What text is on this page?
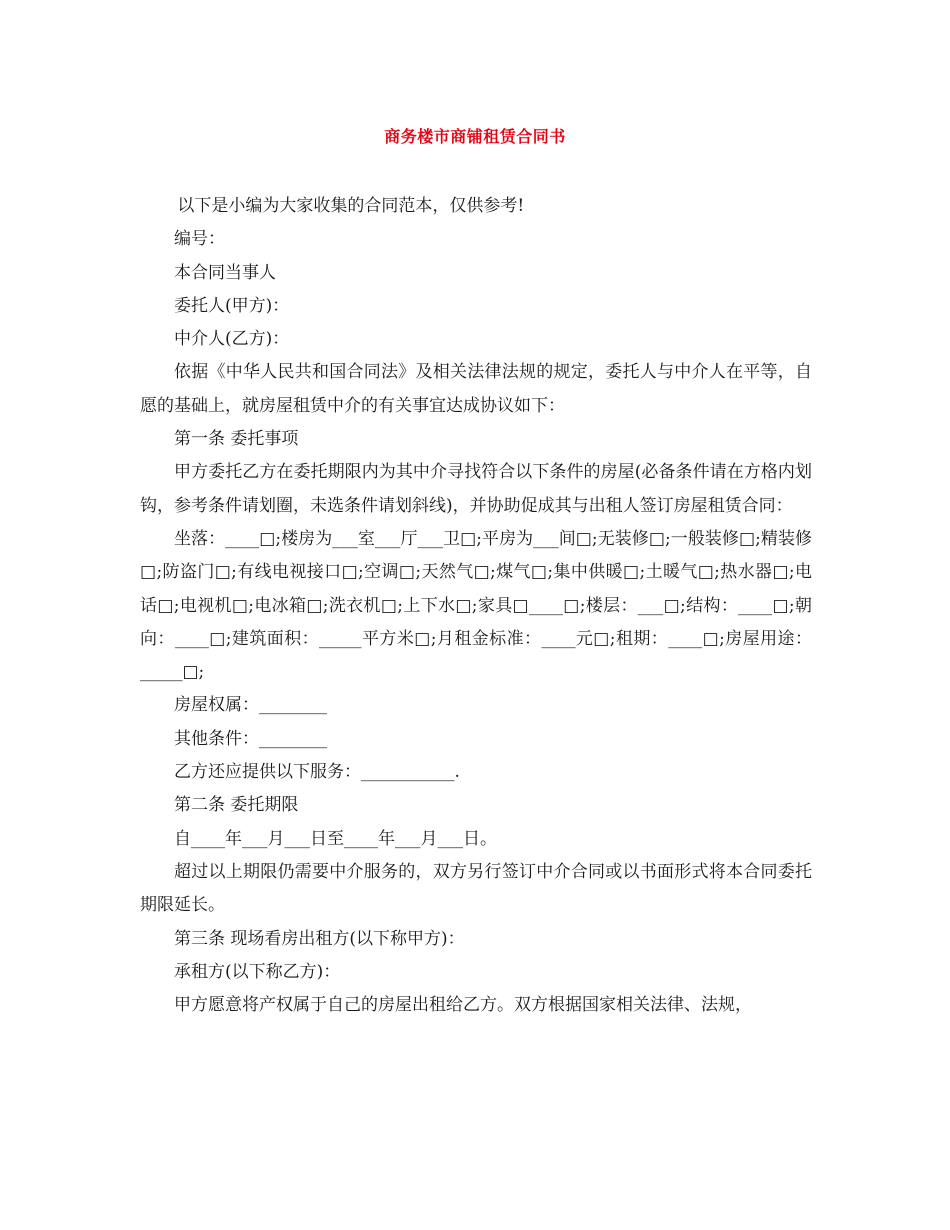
商务楼市商铺租赁合同书

以下是小编为大家收集的合同范本，仅供参考!

编号：

本合同当事人

委托人(甲方)：

中介人(乙方)：

依据《中华人民共和国合同法》及相关法律法规的规定，委托人与中介人在平等，自愿的基础上，就房屋租赁中介的有关事宜达成协议如下：

第一条 委托事项

甲方委托乙方在委托期限内为其中介寻找符合以下条件的房屋(必备条件请在方格内划钩，参考条件请划圈，未选条件请划斜线)，并协助促成其与出租人签订房屋租赁合同：

坐落：____□;楼房为___室___厅___卫□;平房为___间□;无装修□;一般装修□;精装修□;防盗门□;有线电视接口□;空调□;天然气□;煤气□;集中供暖□;土暖气□;热水器□;电话□;电视机□;电冰箱□;洗衣机□;上下水□;家具□____□;楼层：___□;结构：____□;朝向：____□;建筑面积：_____平方米□;月租金标准：____元□;租期：____□;房屋用途：_____□;

房屋权属：________

其他条件：________

乙方还应提供以下服务：___________.

第二条 委托期限

自____年___月___日至____年___月___日。

超过以上期限仍需要中介服务的，双方另行签订中介合同或以书面形式将本合同委托期限延长。

第三条 现场看房出租方(以下称甲方)：

承租方(以下称乙方)：

甲方愿意将产权属于自己的房屋出租给乙方。双方根据国家相关法律、法规，
